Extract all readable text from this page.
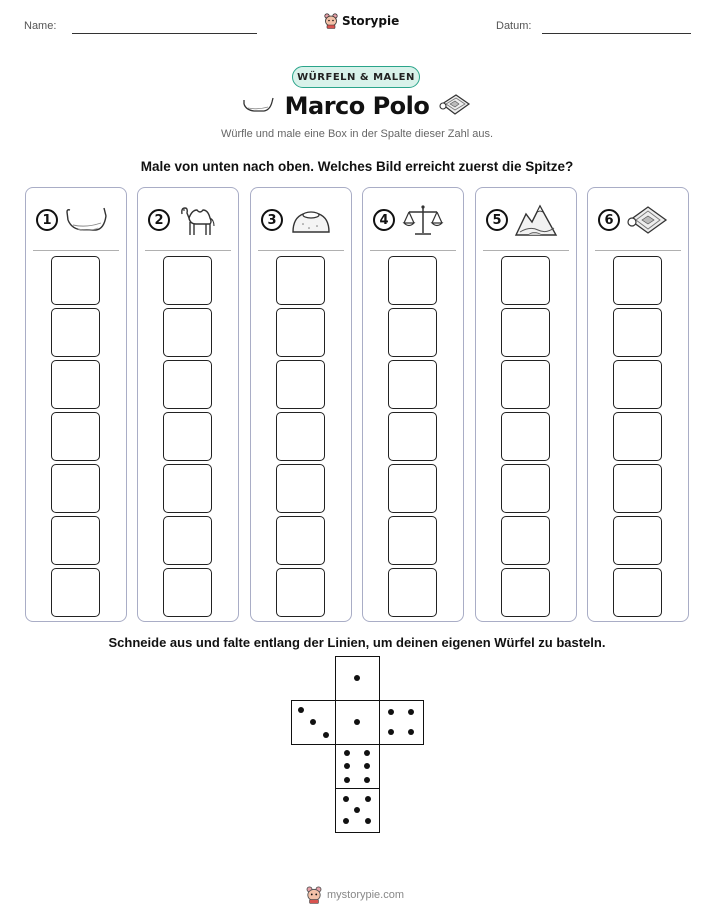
Name:	Storypie	Datum:
WÜRFELN & MALEN
Marco Polo
Würfle und male eine Box in der Spalte dieser Zahl aus.
Male von unten nach oben. Welches Bild erreicht zuerst die Spitze?
1	2	3	4	5	6
Schneide aus und falte entlang der Linien, um deinen eigenen Würfel zu basteln.
mystorypie.com
